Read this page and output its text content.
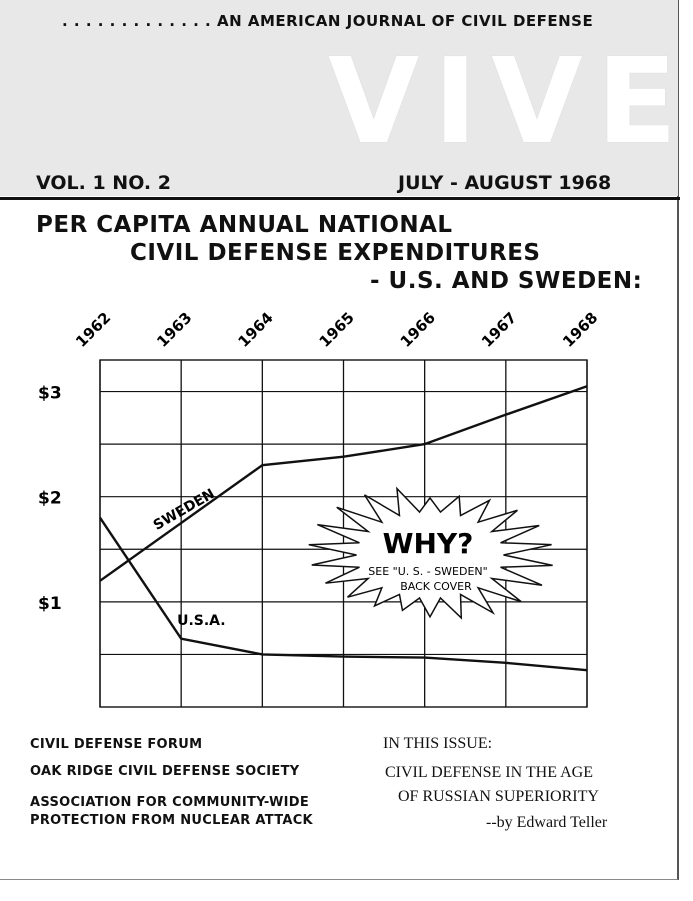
. . . . . . . . . . . . . AN AMERICAN JOURNAL OF CIVIL DEFENSE
VIVE
VOL. 1 NO. 2	JULY - AUGUST 1968
PER CAPITA ANNUAL NATIONAL
CIVIL DEFENSE EXPENDITURES
- U.S. AND SWEDEN:
$3
$2
$1
1962	1963	1964	1965	1966	1967	1968
SWEDEN
U.S.A.
WHY?
SEE "U. S. - SWEDEN"
BACK COVER
CIVIL DEFENSE FORUM
OAK RIDGE CIVIL DEFENSE SOCIETY
ASSOCIATION FOR COMMUNITY-WIDE
PROTECTION FROM NUCLEAR ATTACK
IN THIS ISSUE:
CIVIL DEFENSE IN THE AGE
OF RUSSIAN SUPERIORITY
--by Edward Teller
